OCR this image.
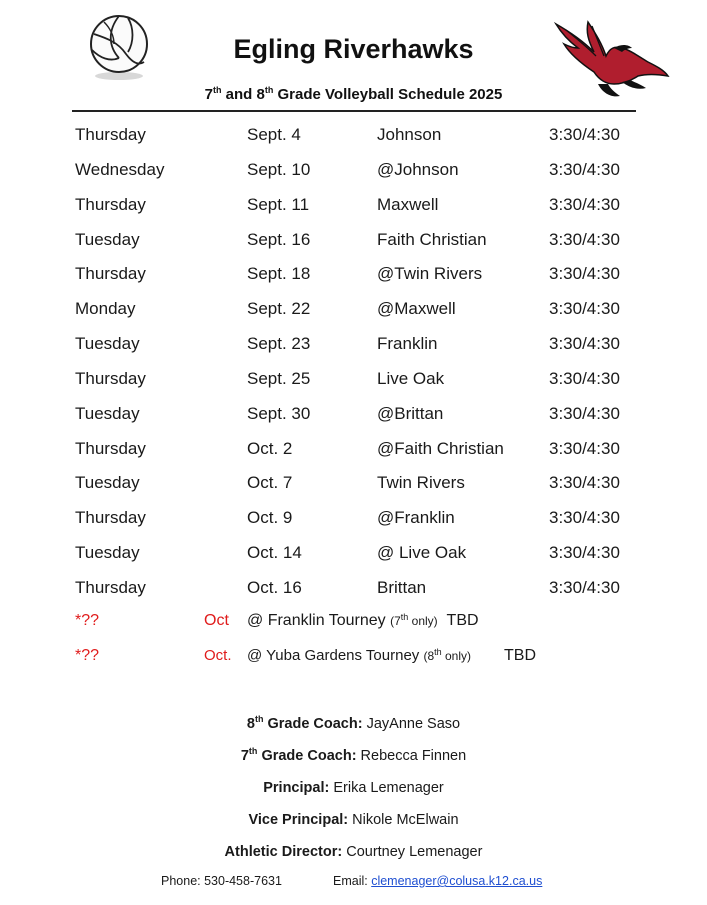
Egling Riverhawks
7th and 8th Grade Volleyball Schedule 2025
Thursday	Sept. 4	Johnson	3:30/4:30
Wednesday	Sept. 10	@Johnson	3:30/4:30
Thursday	Sept. 11	Maxwell	3:30/4:30
Tuesday	Sept. 16	Faith Christian	3:30/4:30
Thursday	Sept. 18	@Twin Rivers	3:30/4:30
Monday	Sept. 22	@Maxwell	3:30/4:30
Tuesday	Sept. 23	Franklin	3:30/4:30
Thursday	Sept. 25	Live Oak	3:30/4:30
Tuesday	Sept. 30	@Brittan	3:30/4:30
Thursday	Oct. 2	@Faith Christian	3:30/4:30
Tuesday	Oct. 7	Twin Rivers	3:30/4:30
Thursday	Oct. 9	@Franklin	3:30/4:30
Tuesday	Oct. 14	@ Live Oak	3:30/4:30
Thursday	Oct. 16	Brittan	3:30/4:30
*??	Oct @ Franklin Tourney (7th only) TBD
*??	Oct. @ Yuba Gardens Tourney (8th only) TBD
8th Grade Coach: JayAnne Saso
7th Grade Coach: Rebecca Finnen
Principal: Erika Lemenager
Vice Principal: Nikole McElwain
Athletic Director: Courtney Lemenager
Phone: 530-458-7631	Email: clemenager@colusa.k12.ca.us
